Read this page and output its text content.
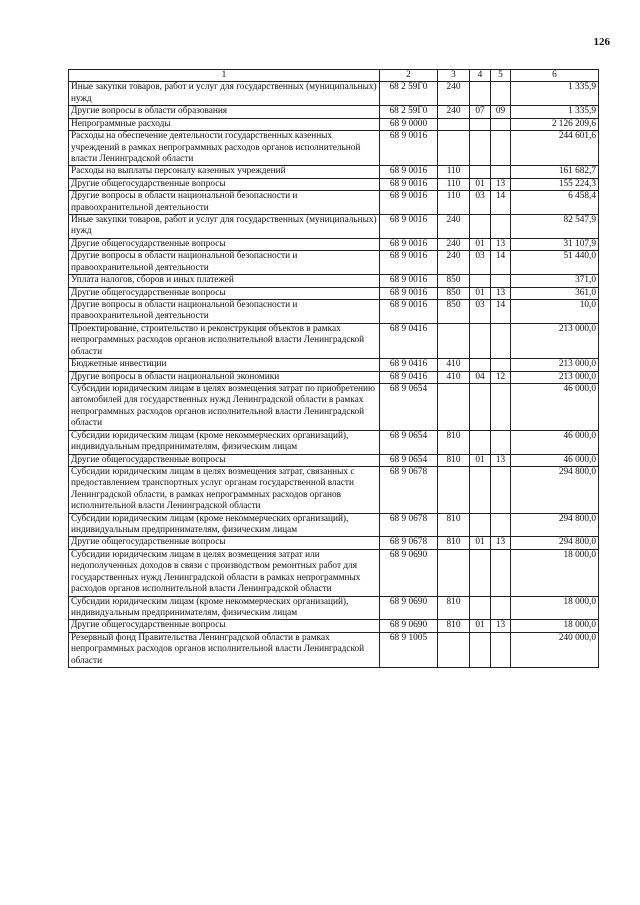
126
1	2	3	4	5	6
Иные закупки товаров, работ и услуг для государственных (муниципальных) нужд	68 2 59Г0	240			1 335,9
Другие вопросы в области образования	68 2 59Г0	240	07	09	1 335,9
Непрограммные расходы	68 9 0000				2 126 209,6
Расходы на обеспечение деятельности государственных казенных учреждений в рамках непрограммных расходов органов исполнительной власти Ленинградской области	68 9 0016				244 601,6
Расходы на выплаты персоналу казенных учреждений	68 9 0016	110			161 682,7
Другие общегосударственные вопросы	68 9 0016	110	01	13	155 224,3
Другие вопросы в области национальной безопасности и правоохранительной деятельности	68 9 0016	110	03	14	6 458,4
Иные закупки товаров, работ и услуг для государственных (муниципальных) нужд	68 9 0016	240			82 547,9
Другие общегосударственные вопросы	68 9 0016	240	01	13	31 107,9
Другие вопросы в области национальной безопасности и правоохранительной деятельности	68 9 0016	240	03	14	51 440,0
Уплата налогов, сборов и иных платежей	68 9 0016	850			371,0
Другие общегосударственные вопросы	68 9 0016	850	01	13	361,0
Другие вопросы в области национальной безопасности и правоохранительной деятельности	68 9 0016	850	03	14	10,0
Проектирование, строительство и реконструкция объектов в рамках непрограммных расходов органов исполнительной власти Ленинградской области	68 9 0416				213 000,0
Бюджетные инвестиции	68 9 0416	410			213 000,0
Другие вопросы в области национальной экономики	68 9 0416	410	04	12	213 000,0
Субсидии юридическим лицам в целях возмещения затрат по приобретению автомобилей для государственных нужд Ленинградской области в рамках непрограммных расходов органов исполнительной власти Ленинградской области	68 9 0654				46 000,0
Субсидии юридическим лицам (кроме некоммерческих организаций), индивидуальным предпринимателям, физическим лицам	68 9 0654	810			46 000,0
Другие общегосударственные вопросы	68 9 0654	810	01	13	46 000,0
Субсидии юридическим лицам в целях возмещения затрат, связанных с предоставлением транспортных услуг органам государственной власти Ленинградской области, в рамках непрограммных расходов органов исполнительной власти Ленинградской области	68 9 0678				294 800,0
Субсидии юридическим лицам (кроме некоммерческих организаций), индивидуальным предпринимателям, физическим лицам	68 9 0678	810			294 800,0
Другие общегосударственные вопросы	68 9 0678	810	01	13	294 800,0
Субсидии юридическим лицам в целях возмещения затрат или недополученных доходов в связи с производством ремонтных работ для государственных нужд Ленинградской области в рамках непрограммных расходов органов исполнительной власти Ленинградской области	68 9 0690				18 000,0
Субсидии юридическим лицам (кроме некоммерческих организаций), индивидуальным предпринимателям, физическим лицам	68 9 0690	810			18 000,0
Другие общегосударственные вопросы	68 9 0690	810	01	13	18 000,0
Резервный фонд Правительства Ленинградской области в рамках непрограммных расходов органов исполнительной власти Ленинградской области	68 9 1005				240 000,0
